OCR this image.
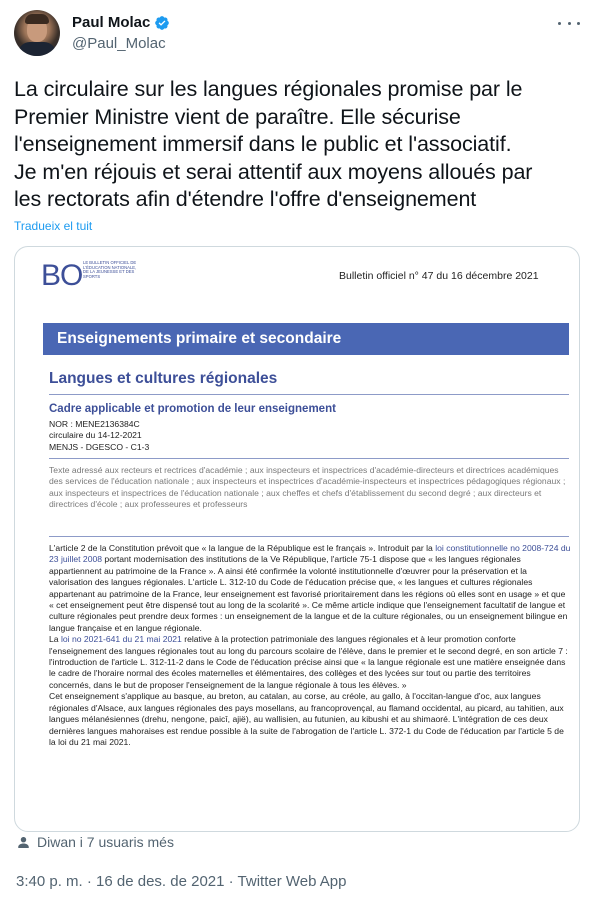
Paul Molac
@Paul_Molac
La circulaire sur les langues régionales promise par le
Premier Ministre vient de paraître. Elle sécurise
l'enseignement immersif dans le public et l'associatif.
Je m'en réjouis et serai attentif aux moyens alloués par
les rectorats afin d'étendre l'offre d'enseignement
Tradueix el tuit
BO LE BULLETIN OFFICIEL DE L'ÉDUCATION NATIONALE, DE LA JEUNESSE ET DES SPORTS	Bulletin officiel n° 47 du 16 décembre 2021
Enseignements primaire et secondaire
Langues et cultures régionales
Cadre applicable et promotion de leur enseignement
NOR : MENE2136384C
circulaire du 14-12-2021
MENJS - DGESCO - C1-3
Texte adressé aux recteurs et rectrices d'académie ; aux inspecteurs et inspectrices d'académie-directeurs et directrices académiques des services de l'éducation nationale ; aux inspecteurs et inspectrices d'académie-inspecteurs et inspectrices pédagogiques régionaux ; aux inspecteurs et inspectrices de l'éducation nationale ; aux cheffes et chefs d'établissement du second degré ; aux directeurs et directrices d'école ; aux professeures et professeurs
L'article 2 de la Constitution prévoit que « la langue de la République est le français ». Introduit par la loi constitutionnelle no 2008-724 du 23 juillet 2008 portant modernisation des institutions de la Ve République, l'article 75-1 dispose que « les langues régionales appartiennent au patrimoine de la France ». A ainsi été confirmée la volonté institutionnelle d'œuvrer pour la préservation et la valorisation des langues régionales. L'article L. 312-10 du Code de l'éducation précise que, « les langues et cultures régionales appartenant au patrimoine de la France, leur enseignement est favorisé prioritairement dans les régions où elles sont en usage » et que « cet enseignement peut être dispensé tout au long de la scolarité ». Ce même article indique que l'enseignement facultatif de langue et culture régionales peut prendre deux formes : un enseignement de la langue et de la culture régionales, ou un enseignement bilingue en langue française et en langue régionale.
La loi no 2021-641 du 21 mai 2021 relative à la protection patrimoniale des langues régionales et à leur promotion conforte l'enseignement des langues régionales tout au long du parcours scolaire de l'élève, dans le premier et le second degré, en son article 7 : l'introduction de l'article L. 312-11-2 dans le Code de l'éducation précise ainsi que « la langue régionale est une matière enseignée dans le cadre de l'horaire normal des écoles maternelles et élémentaires, des collèges et des lycées sur tout ou partie des territoires concernés, dans le but de proposer l'enseignement de la langue régionale à tous les élèves. »
Cet enseignement s'applique au basque, au breton, au catalan, au corse, au créole, au gallo, à l'occitan-langue d'oc, aux langues régionales d'Alsace, aux langues régionales des pays mosellans, au francoprovençal, au flamand occidental, au picard, au tahitien, aux langues mélanésiennes (drehu, nengone, paicî, ajië), au wallisien, au futunien, au kibushi et au shimaoré. L'intégration de ces deux dernières langues mahoraises est rendue possible à la suite de l'abrogation de l'article L. 372-1 du Code de l'éducation par l'article 5 de la loi du 21 mai 2021.
Diwan i 7 usuaris més
3:40 p. m. · 16 de des. de 2021 · Twitter Web App
